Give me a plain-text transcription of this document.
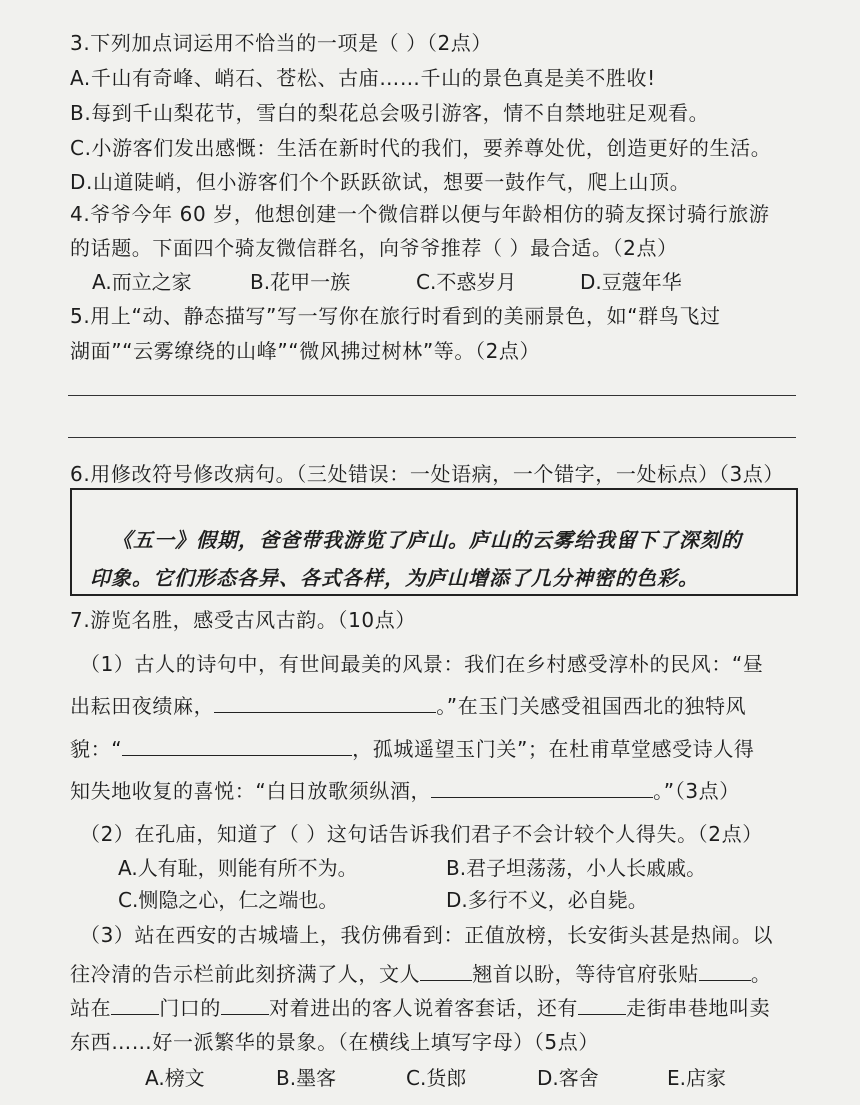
3.下列加点词运用不恰当的一项是（ ）（2点）
A.千山有奇峰、峭石、苍松、古庙……千山的景色真是美不胜收!
B.每到千山梨花节，雪白的梨花总会吸引游客，情不自禁地驻足观看。
C.小游客们发出感慨：生活在新时代的我们，要养尊处优，创造更好的生活。
D.山道陡峭，但小游客们个个跃跃欲试，想要一鼓作气，爬上山顶。
4.爷爷今年 60 岁，他想创建一个微信群以便与年龄相仿的骑友探讨骑行旅游
的话题。下面四个骑友微信群名，向爷爷推荐（ ）最合适。（2点）
A.而立之家	B.花甲一族	C.不惑岁月	D.豆蔻年华
5.用上“动、静态描写”写一写你在旅行时看到的美丽景色，如“群鸟飞过
湖面”“云雾缭绕的山峰”“微风拂过树林”等。（2点）
6.用修改符号修改病句。（三处错误：一处语病，一个错字，一处标点）（3点）
《五一》假期，爸爸带我游览了庐山。庐山的云雾给我留下了深刻的
印象。它们形态各异、各式各样，为庐山增添了几分神密的色彩。
7.游览名胜，感受古风古韵。（10点）
（1）古人的诗句中，有世间最美的风景：我们在乡村感受淳朴的民风：“昼
出耘田夜绩麻，	。”在玉门关感受祖国西北的独特风
貌：“	，孤城遥望玉门关”；在杜甫草堂感受诗人得
知失地收复的喜悦：“白日放歌须纵酒，	。”（3点）
（2）在孔庙，知道了（ ）这句话告诉我们君子不会计较个人得失。（2点）
A.人有耻，则能有所不为。	B.君子坦荡荡，小人长戚戚。
C.恻隐之心，仁之端也。	D.多行不义，必自毙。
（3）站在西安的古城墙上，我仿佛看到：正值放榜，长安街头甚是热闹。以
往冷清的告示栏前此刻挤满了人，文人	翘首以盼，等待官府张贴	。
站在 门口的 对着进出的客人说着客套话，还有 走街串巷地叫卖
东西……好一派繁华的景象。（在横线上填写字母）（5点）
A.榜文	B.墨客	C.货郎	D.客舍	E.店家
